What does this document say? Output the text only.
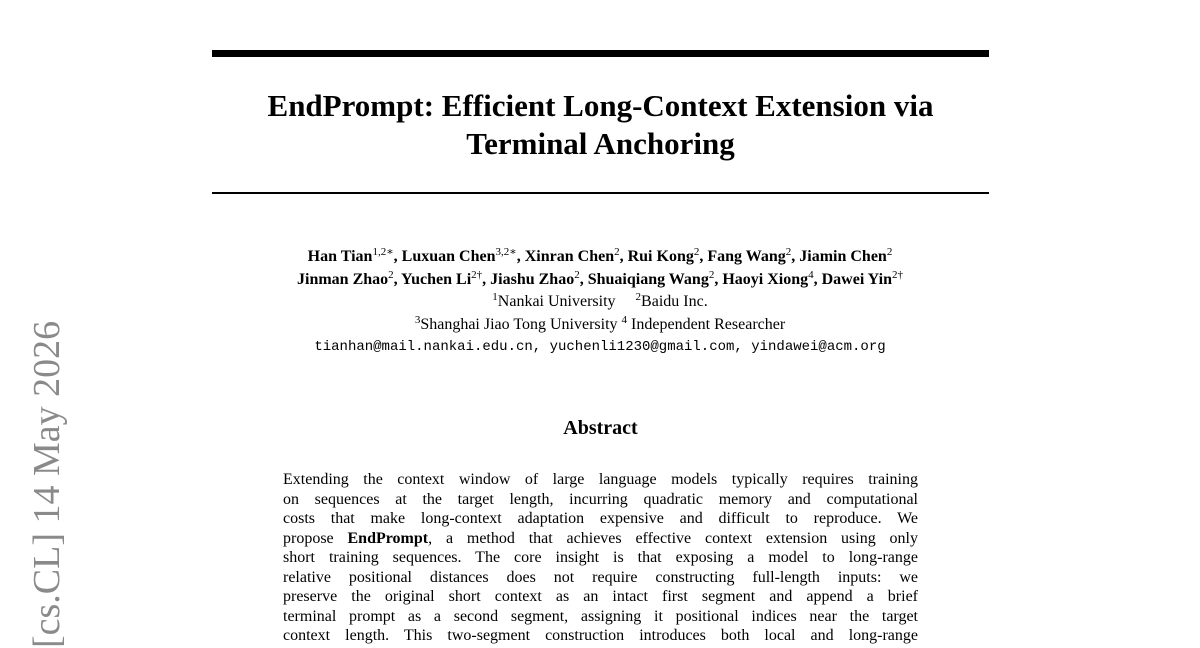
EndPrompt: Efficient Long-Context Extension via
Terminal Anchoring
Han Tian$^{1,2∗}$, Luxuan Chen$^{3,2∗}$, Xinran Chen$^2$, Rui Kong$^2$, Fang Wang$^2$, Jiamin Chen$^2$
Jinman Zhao$^2$, Yuchen $Li^{2\dagger}$, Jiashu Zhao$^2$, Shuaiqiang Wang$^2$, Haoyi Xiong$^4$, Dawei Yin$^{2\dagger}$
$^1$Nankai University $^2$Baidu Inc.
$^3$Shanghai Jiao Tong University $^4$ Independent Researcher
tianhan@mail.nankai.edu.cn, yuchenli1230@gmail.com, yindawei@acm.org
Abstract
Extending the context window of large language models typically requires training
on sequences at the target length, incurring quadratic memory and computational
costs that make long-context adaptation expensive and difficult to reproduce. We
propose EndPrompt, a method that achieves effective context extension using only
short training sequences. The core insight is that exposing a model to long-range
relative positional distances does not require constructing full-length inputs: we
preserve the original short context as an intact first segment and append a brief
terminal prompt as a second segment, assigning it positional indices near the target
context length. This two-segment construction introduces both local and long-range
[cs.CL] 14 May 2026
